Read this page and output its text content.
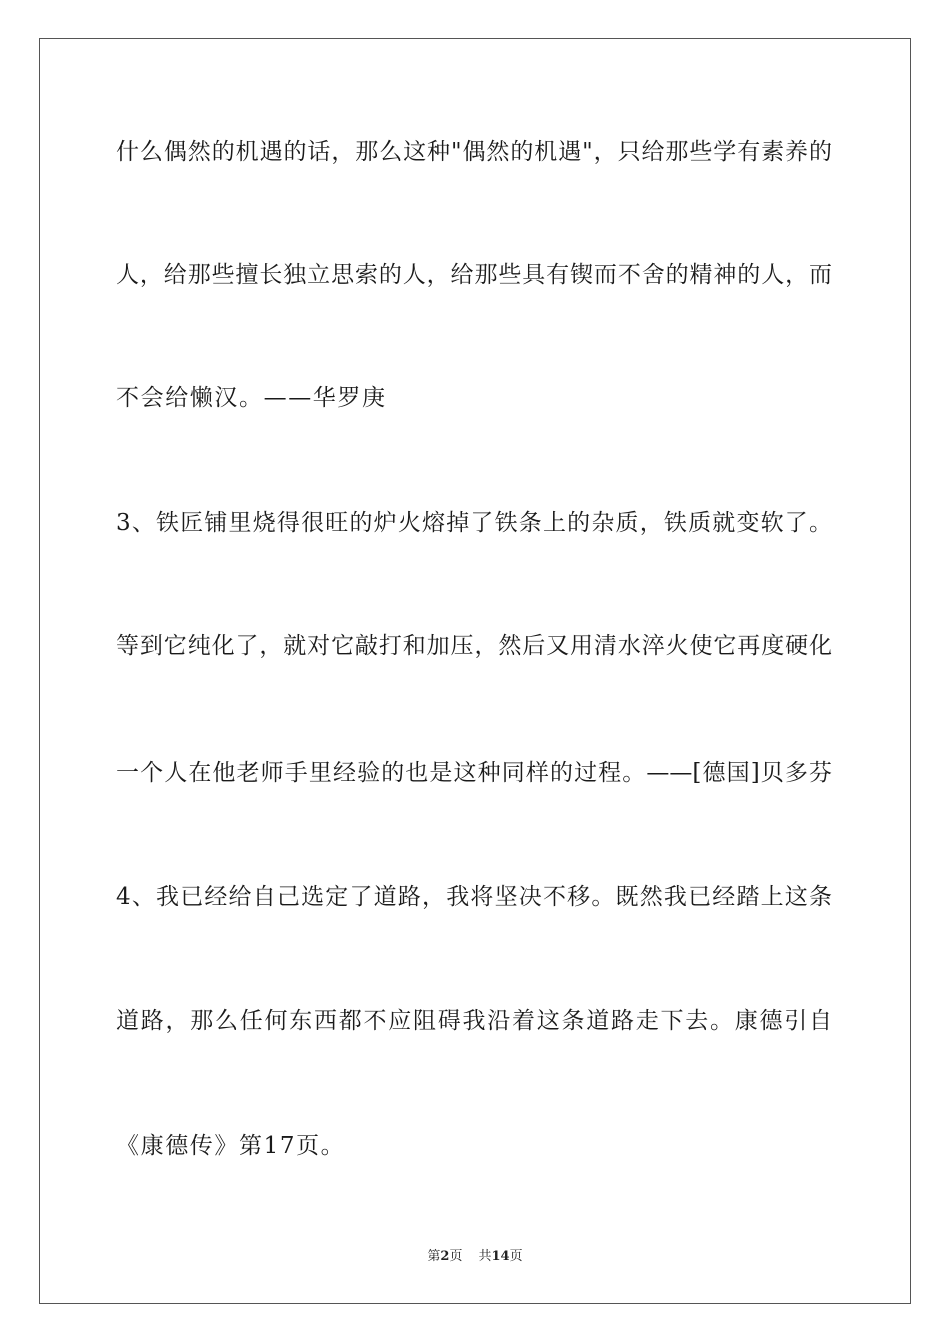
什么偶然的机遇的话，那么这种"偶然的机遇"，只给那些学有素养的
人，给那些擅长独立思索的人，给那些具有锲而不舍的精神的人，而
不会给懒汉。——华罗庚
3、铁匠铺里烧得很旺的炉火熔掉了铁条上的杂质，铁质就变软了。
等到它纯化了，就对它敲打和加压，然后又用清水淬火使它再度硬化
一个人在他老师手里经验的也是这种同样的过程。——[德国]贝多芬
4、我已经给自己选定了道路，我将坚决不移。既然我已经踏上这条
道路，那么任何东西都不应阻碍我沿着这条道路走下去。康德引自
《康德传》第17页。
第2页 共14页
